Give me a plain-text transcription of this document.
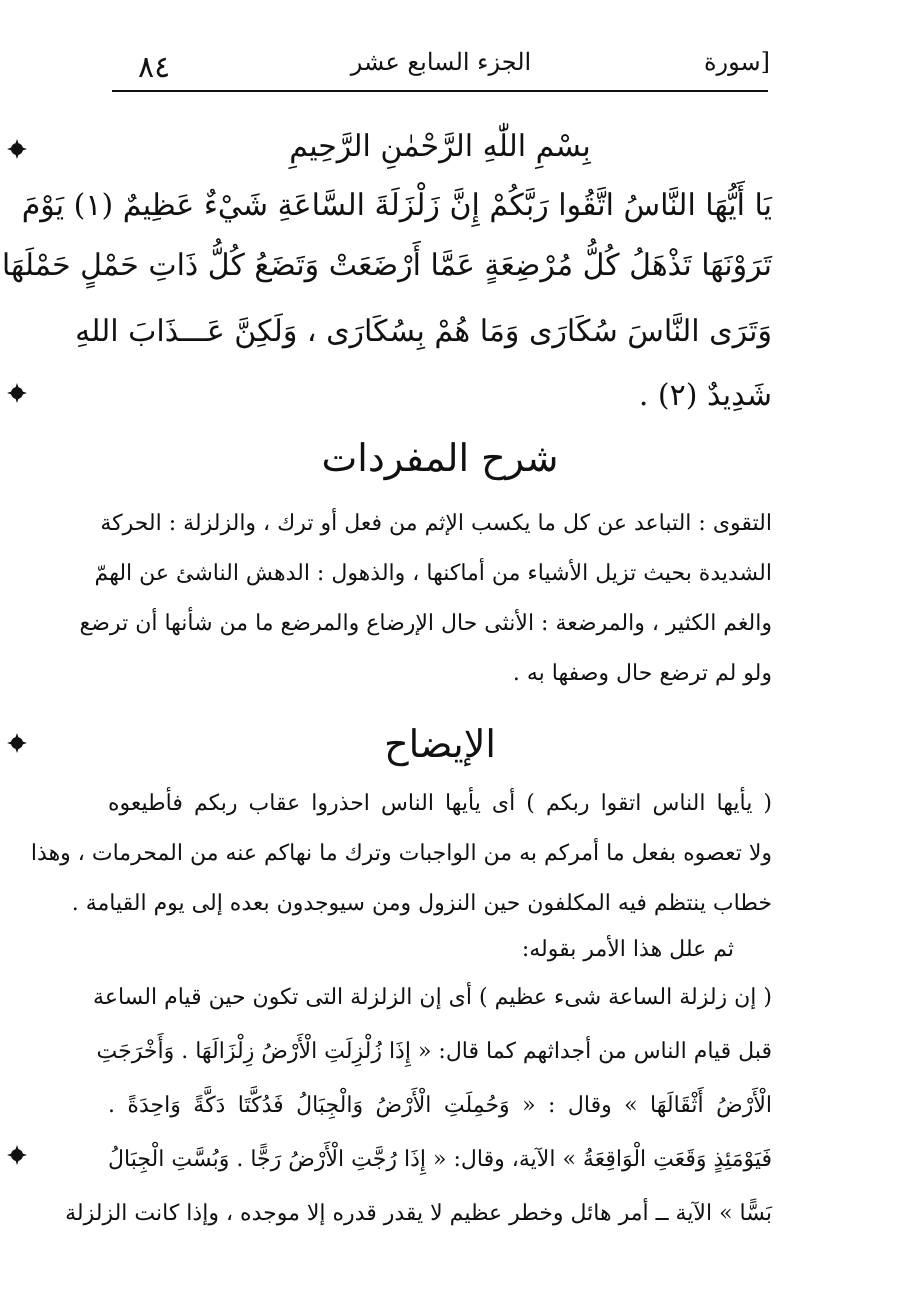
٨٤	الجزء السابع عشر	[سورة
بِسْمِ اللّٰهِ الرَّحْمٰنِ الرَّحِيمِ
يَا أَيُّهَا النَّاسُ اتَّقُوا رَبَّكُمْ إِنَّ زَلْزَلَةَ السَّاعَةِ شَيْءٌ عَظِيمٌ (١) يَوْمَ
تَرَوْنَهَا تَذْهَلُ كُلُّ مُرْضِعَةٍ عَمَّا أَرْضَعَتْ وَتَضَعُ كُلُّ ذَاتِ حَمْلٍ حَمْلَهَا
وَتَرَى النَّاسَ سُكَارَى وَمَا هُمْ بِسُكَارَى ، وَلَكِنَّ عَـــذَابَ اللهِ
شَدِيدٌ (٢) .
شرح المفردات
التقوى : التباعد عن كل ما يكسب الإثم من فعل أو ترك ، والزلزلة : الحركة
الشديدة بحيث تزيل الأشياء من أماكنها ، والذهول : الدهش الناشئ عن الهمّ
والغم الكثير ، والمرضعة : الأنثى حال الإرضاع والمرضع ما من شأنها أن ترضع
ولو لم ترضع حال وصفها به .
الإيضاح
( يأيها الناس اتقوا ربكم ) أى يأيها الناس احذروا عقاب ربكم فأطيعوه
ولا تعصوه بفعل ما أمركم به من الواجبات وترك ما نهاكم عنه من المحرمات ، وهذا
خطاب ينتظم فيه المكلفون حين النزول ومن سيوجدون بعده إلى يوم القيامة .
ثم علل هذا الأمر بقوله:
( إن زلزلة الساعة شىء عظيم ) أى إن الزلزلة التى تكون حين قيام الساعة
قبل قيام الناس من أجداثهم كما قال: « إِذَا زُلْزِلَتِ الْأَرْضُ زِلْزَالَهَا . وَأَخْرَجَتِ
الْأَرْضُ أَثْقَالَهَا » وقال : « وَحُمِلَتِ الْأَرْضُ وَالْجِبَالُ فَدُكَّتَا دَكَّةً وَاحِدَةً .
فَيَوْمَئِذٍ وَقَعَتِ الْوَاقِعَةُ » الآية، وقال: « إِذَا رُجَّتِ الْأَرْضُ رَجًّا . وَبُسَّتِ الْجِبَالُ
بَسًّا » الآية ــ أمر هائل وخطر عظيم لا يقدر قدره إلا موجده ، وإذا كانت الزلزلة
